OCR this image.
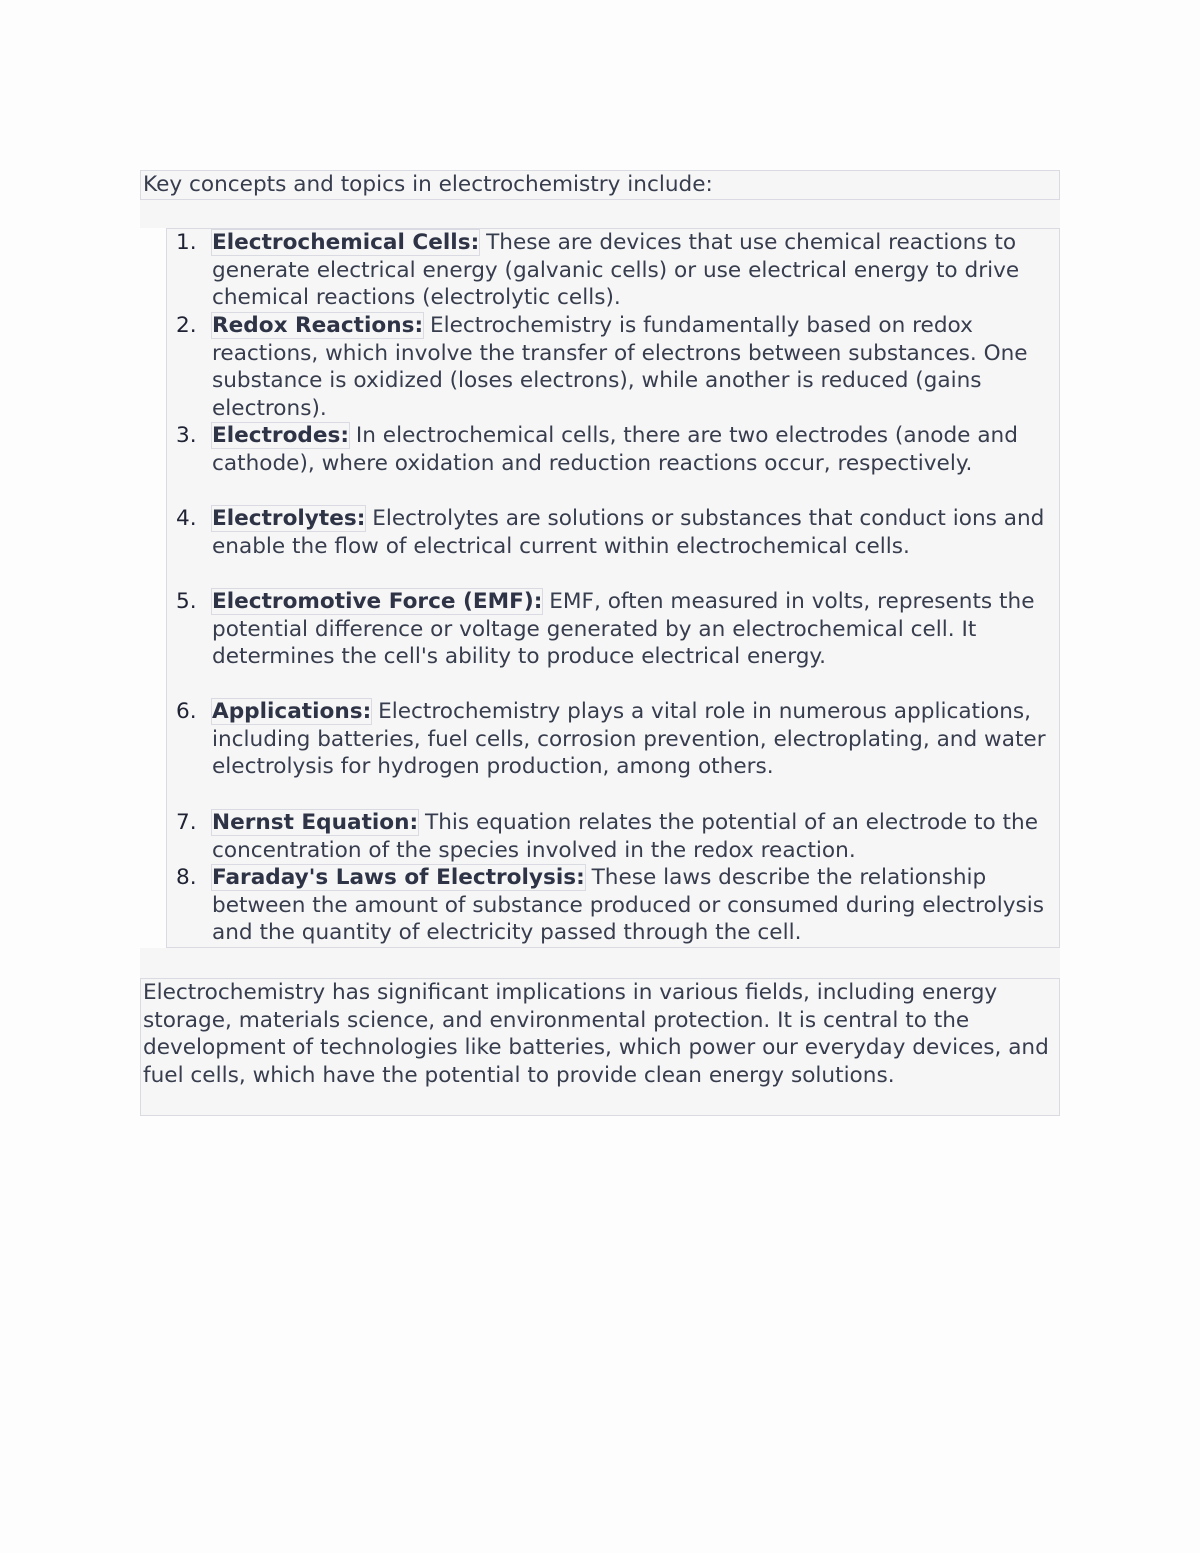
Key concepts and topics in electrochemistry include:
1. Electrochemical Cells: These are devices that use chemical reactions to generate electrical energy (galvanic cells) or use electrical energy to drive chemical reactions (electrolytic cells).
2. Redox Reactions: Electrochemistry is fundamentally based on redox reactions, which involve the transfer of electrons between substances. One substance is oxidized (loses electrons), while another is reduced (gains electrons).
3. Electrodes: In electrochemical cells, there are two electrodes (anode and cathode), where oxidation and reduction reactions occur, respectively.
4. Electrolytes: Electrolytes are solutions or substances that conduct ions and enable the flow of electrical current within electrochemical cells.
5. Electromotive Force (EMF): EMF, often measured in volts, represents the potential difference or voltage generated by an electrochemical cell. It determines the cell's ability to produce electrical energy.
6. Applications: Electrochemistry plays a vital role in numerous applications, including batteries, fuel cells, corrosion prevention, electroplating, and water electrolysis for hydrogen production, among others.
7. Nernst Equation: This equation relates the potential of an electrode to the concentration of the species involved in the redox reaction.
8. Faraday's Laws of Electrolysis: These laws describe the relationship between the amount of substance produced or consumed during electrolysis and the quantity of electricity passed through the cell.
Electrochemistry has significant implications in various fields, including energy storage, materials science, and environmental protection. It is central to the development of technologies like batteries, which power our everyday devices, and fuel cells, which have the potential to provide clean energy solutions.
